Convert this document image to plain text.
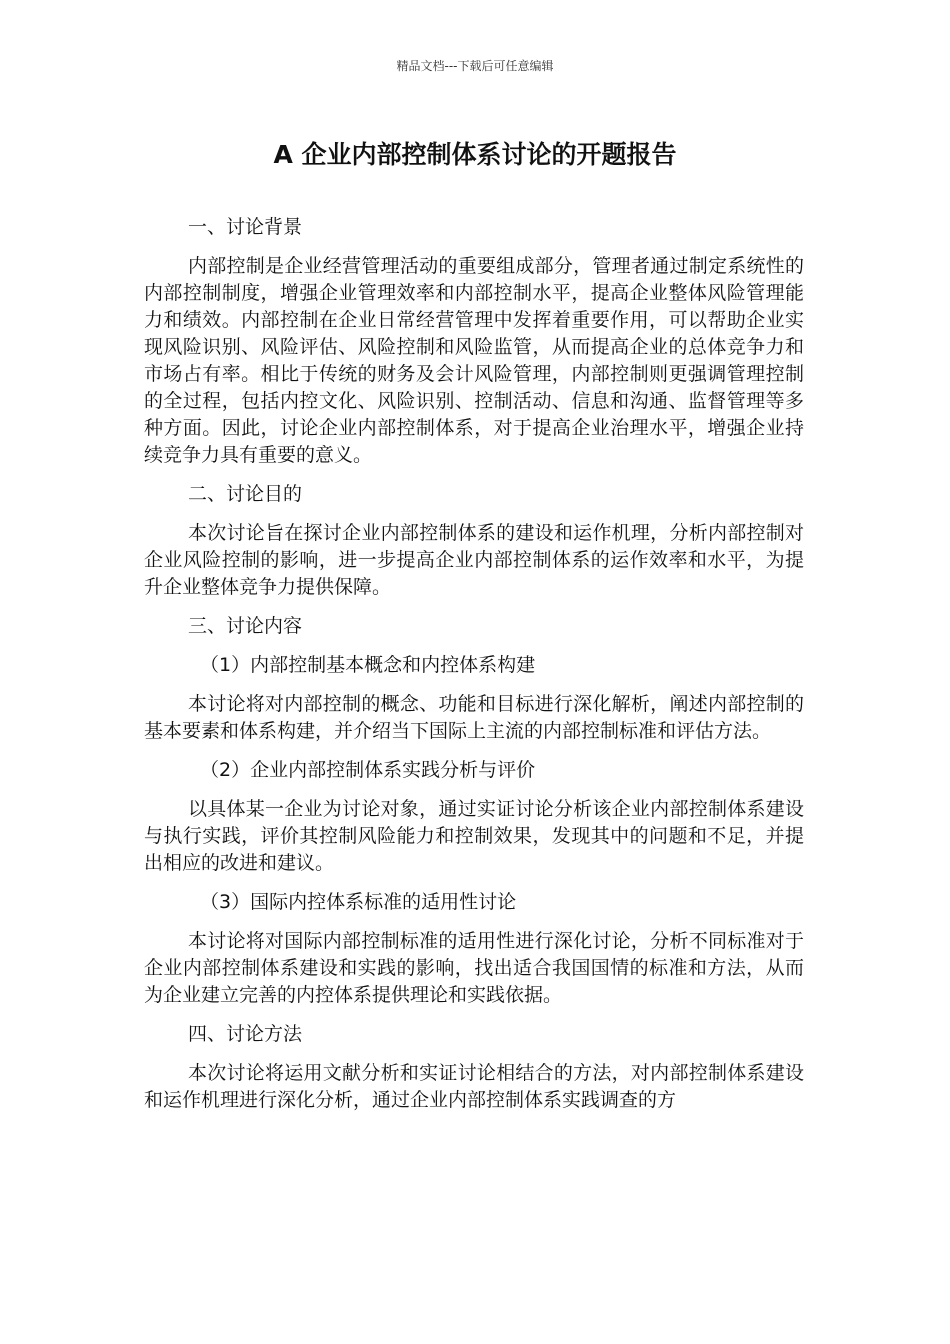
精品文档---下载后可任意编辑
A 企业内部控制体系讨论的开题报告

一、讨论背景

内部控制是企业经营管理活动的重要组成部分，管理者通过制定系统性的内部控制制度，增强企业管理效率和内部控制水平，提高企业整体风险管理能力和绩效。内部控制在企业日常经营管理中发挥着重要作用，可以帮助企业实现风险识别、风险评估、风险控制和风险监管，从而提高企业的总体竞争力和市场占有率。相比于传统的财务及会计风险管理，内部控制则更强调管理控制的全过程，包括内控文化、风险识别、控制活动、信息和沟通、监督管理等多种方面。因此，讨论企业内部控制体系，对于提高企业治理水平，增强企业持续竞争力具有重要的意义。

二、讨论目的

本次讨论旨在探讨企业内部控制体系的建设和运作机理，分析内部控制对企业风险控制的影响，进一步提高企业内部控制体系的运作效率和水平，为提升企业整体竞争力提供保障。

三、讨论内容

（1）内部控制基本概念和内控体系构建

本讨论将对内部控制的概念、功能和目标进行深化解析，阐述内部控制的基本要素和体系构建，并介绍当下国际上主流的内部控制标准和评估方法。

（2）企业内部控制体系实践分析与评价

以具体某一企业为讨论对象，通过实证讨论分析该企业内部控制体系建设与执行实践，评价其控制风险能力和控制效果，发现其中的问题和不足，并提出相应的改进和建议。

（3）国际内控体系标准的适用性讨论

本讨论将对国际内部控制标准的适用性进行深化讨论，分析不同标准对于企业内部控制体系建设和实践的影响，找出适合我国国情的标准和方法，从而为企业建立完善的内控体系提供理论和实践依据。

四、讨论方法

本次讨论将运用文献分析和实证讨论相结合的方法，对内部控制体系建设和运作机理进行深化分析，通过企业内部控制体系实践调查的方
